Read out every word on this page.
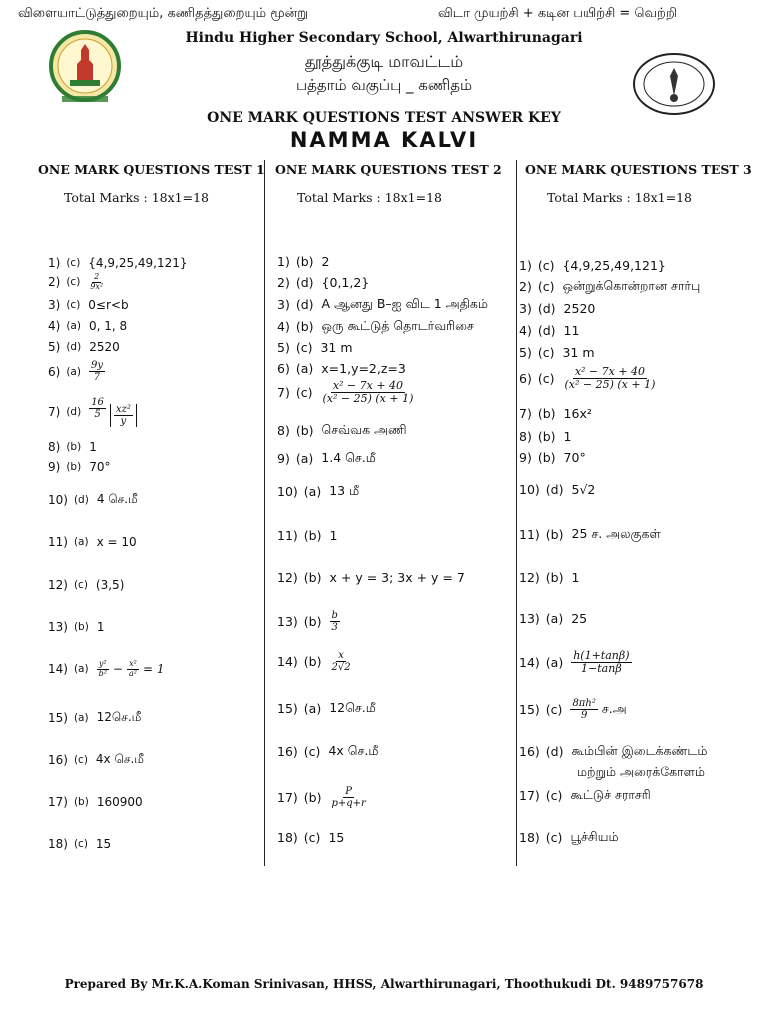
விளையாட்டுத்துறையும், கணிதத்துறையும் மூன்று	விடா முயற்சி + கடின பயிற்சி = வெற்றி
Hindu Higher Secondary School, Alwarthirunagari
தூத்துக்குடி மாவட்டம்
பத்தாம் வகுப்பு _ கணிதம்
ONE MARK QUESTIONS TEST ANSWER KEY
NAMMA KALVI
ONE MARK QUESTIONS TEST 1
Total Marks : 18x1=18
1) (c) {4,9,25,49,121}
2) $(c) \frac{2}{\text{9x²}}$
3) (c) 0≤r<b
4) (a) 0, 1, 8
5) (d) 2520
6) $(a) \frac{9y}{7}$
7) $(d) \frac{16}{5} \frac{\text{xz²}}{y}$
8) (b) 1
9) (b) 70°
10) (d) 4 செ.மீ
11) (a) x = 10
12) (c) (3,5)
13) (b) 1
14) $(a) \frac{\text{y²}}{\text{b²}} - \frac{\text{x²}}{\text{a²}} = 1$
15) (a) 12செ.மீ
16) (c) 4x செ.மீ
17) (b) 160900
18) (c) 15
ONE MARK QUESTIONS TEST 2
Total Marks : 18x1=18
1) (b) 2
2) (d) {0,1,2}
3) (d) A ஆனது B–ஐ விட 1 அதிகம்
4) (b) ஒரு கூட்டுத் தொடர்வரிசை
5) (c) 31 m
6) (a) x=1,y=2,z=3
7) $(c) \frac{\text{x² − 7x + 40}}{\text{(x² − 25) (x + 1)}}$
8) (b) செவ்வக அணி
9) (a) 1.4 செ.மீ
10) (a) 13 மீ
11) (b) 1
12) (b) x + y = 3; 3x + y = 7
13) $(b) \frac{b}{3}$
14) $(b) \frac{x}{2√2}$
15) (a) 12செ.மீ
16) (c) 4x செ.மீ
17) $(b) \frac{P}{p+q+r}$
18) (c) 15
ONE MARK QUESTIONS TEST 3
Total Marks : 18x1=18
1) (c) {4,9,25,49,121}
2) (c) ஒன்றுக்கொன்றான சார்பு
3) (d) 2520
4) (d) 11
5) (c) 31 m
6) $(c) \frac{\text{x² − 7x + 40}}{\text{(x² − 25) (x + 1)}}$
7) (b) 16x²
8) (b) 1
9) (b) 70°
10) (d) 5√2
11) (b) 25 ச. அலகுகள்
12) (b) 1
13) (a) 25
14) $(a) \frac{h(1+\tan\beta)}{1-\tan\beta}$
15) $(c) \frac{\text{8πh²}}{9}$ ச.அ
16) (d) கூம்பின் இடைக்கண்டம்
மற்றும் அரைக்கோளம்
17) (c) கூட்டுச் சராசரி
18) (c) பூச்சியம்
Prepared By Mr.K.A.Koman Srinivasan, HHSS, Alwarthirunagari, Thoothukudi Dt. 9489757678
